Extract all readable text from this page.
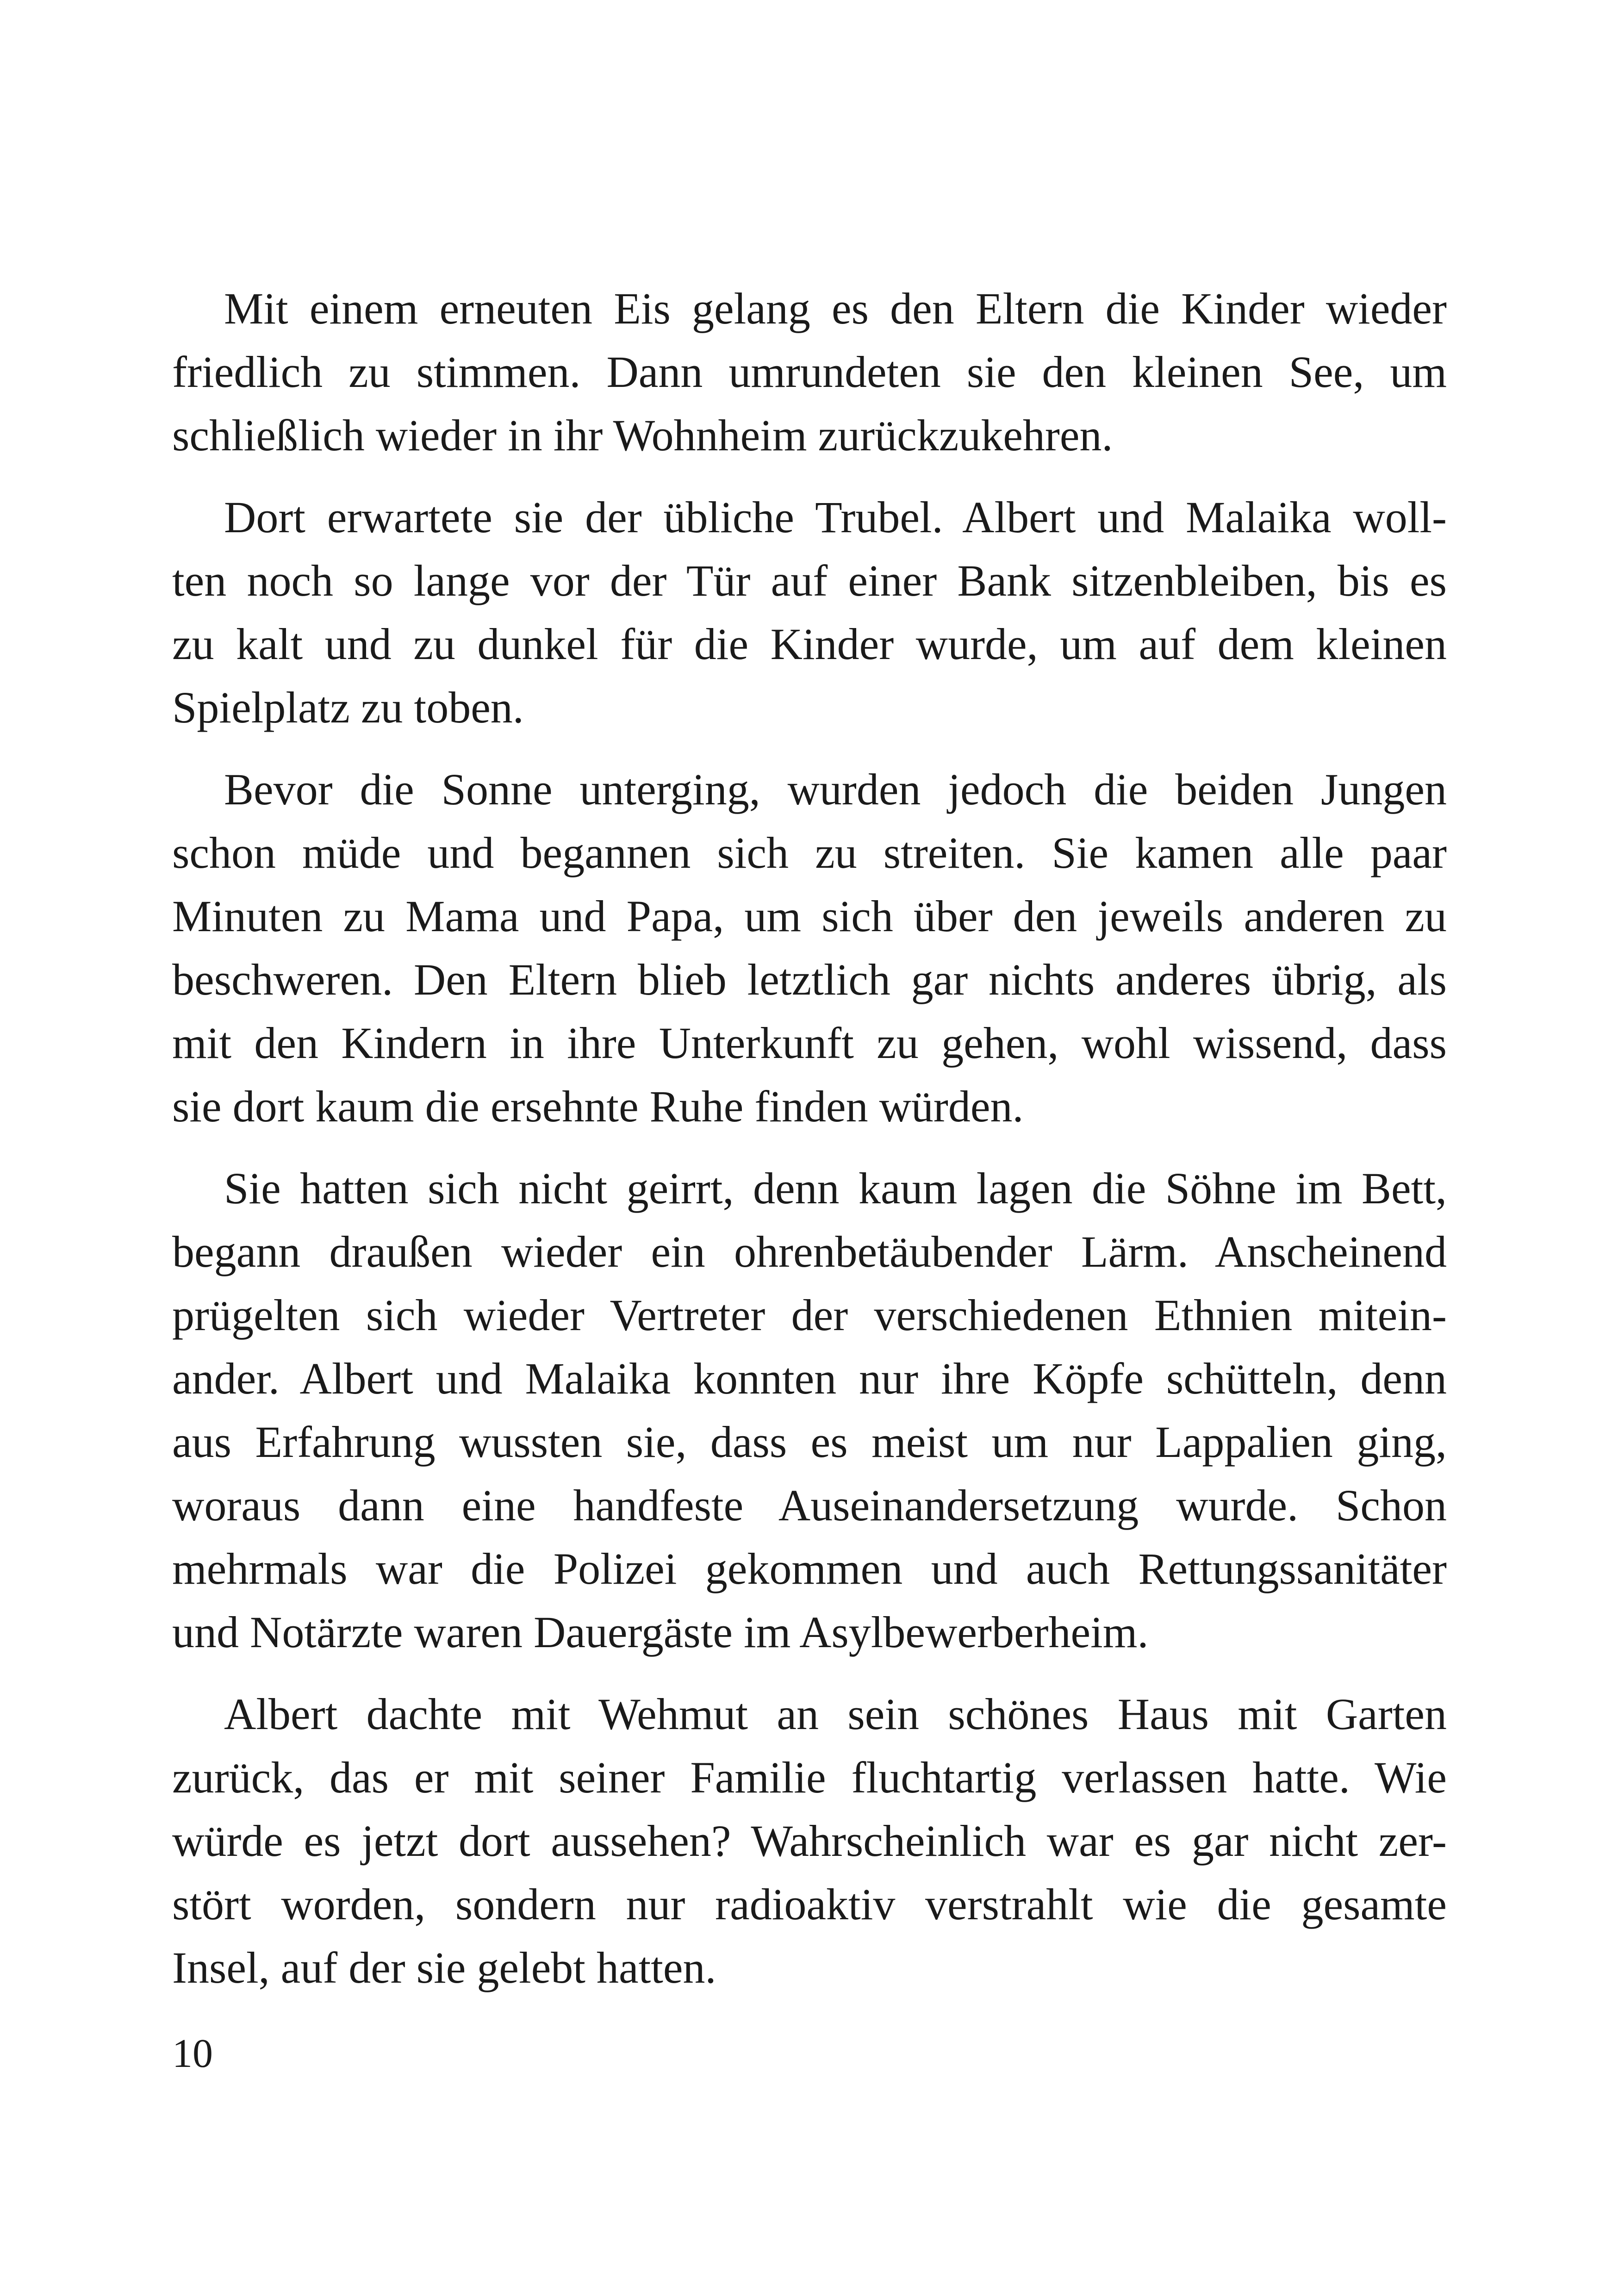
Mit einem erneuten Eis gelang es den Eltern die Kinder wieder
friedlich zu stimmen. Dann umrundeten sie den kleinen See, um
schließlich wieder in ihr Wohnheim zurückzukehren.

Dort erwartete sie der übliche Trubel. Albert und Malaika woll-
ten noch so lange vor der Tür auf einer Bank sitzenbleiben, bis es
zu kalt und zu dunkel für die Kinder wurde, um auf dem kleinen
Spielplatz zu toben.

Bevor die Sonne unterging, wurden jedoch die beiden Jungen
schon müde und begannen sich zu streiten. Sie kamen alle paar
Minuten zu Mama und Papa, um sich über den jeweils anderen zu
beschweren. Den Eltern blieb letztlich gar nichts anderes übrig, als
mit den Kindern in ihre Unterkunft zu gehen, wohl wissend, dass
sie dort kaum die ersehnte Ruhe finden würden.

Sie hatten sich nicht geirrt, denn kaum lagen die Söhne im Bett,
begann draußen wieder ein ohrenbetäubender Lärm. Anscheinend
prügelten sich wieder Vertreter der verschiedenen Ethnien mitein-
ander. Albert und Malaika konnten nur ihre Köpfe schütteln, denn
aus Erfahrung wussten sie, dass es meist um nur Lappalien ging,
woraus dann eine handfeste Auseinandersetzung wurde. Schon
mehrmals war die Polizei gekommen und auch Rettungssanitäter
und Notärzte waren Dauergäste im Asylbewerberheim.

Albert dachte mit Wehmut an sein schönes Haus mit Garten
zurück, das er mit seiner Familie fluchtartig verlassen hatte. Wie
würde es jetzt dort aussehen? Wahrscheinlich war es gar nicht zer-
stört worden, sondern nur radioaktiv verstrahlt wie die gesamte
Insel, auf der sie gelebt hatten.

10
